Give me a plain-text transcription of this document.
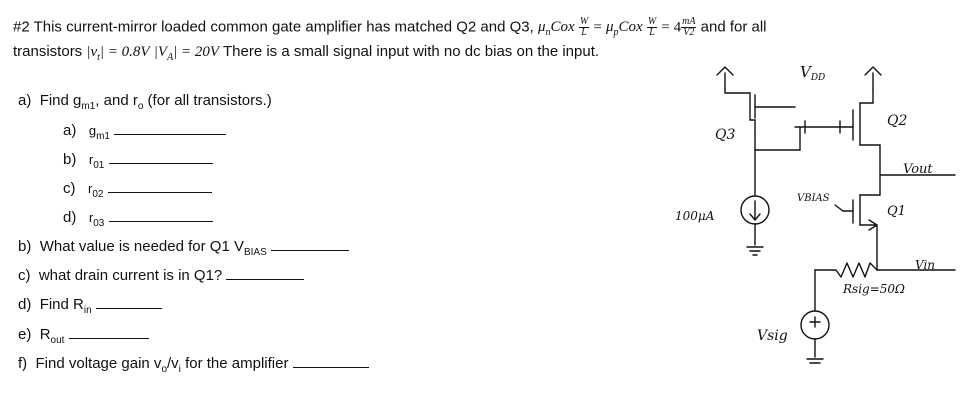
#2 This current-mirror loaded common gate amplifier has matched Q2 and Q3, $\mu_nCox \frac{W}{L} = \mu_pCox \frac{W}{L} = 4 \frac{mA}{V2}$ and for all
transistors $|v_t| = 0.8V$ $|V_A| = 20V$ There is a small signal input with no dc bias on the input.
a) Find $g_{m1}$, and $r_o$ (for all transistors.)
a) $g_{m1}$
b) $r_{01}$
c) $r_{02}$
d) $r_{03}$
b) What value is needed for Q1 $V_{BIAS}$
c) what drain current is in Q1?
d) Find $R_{in}$
e) $R_{out}$
f) Find voltage gain $v_o/v_i$ for the amplifier
$V_{DD}$
Q3
Q2
Vout
100μA	Q1
VBIAS
Vin
Rsig=50Ω
Vsig
